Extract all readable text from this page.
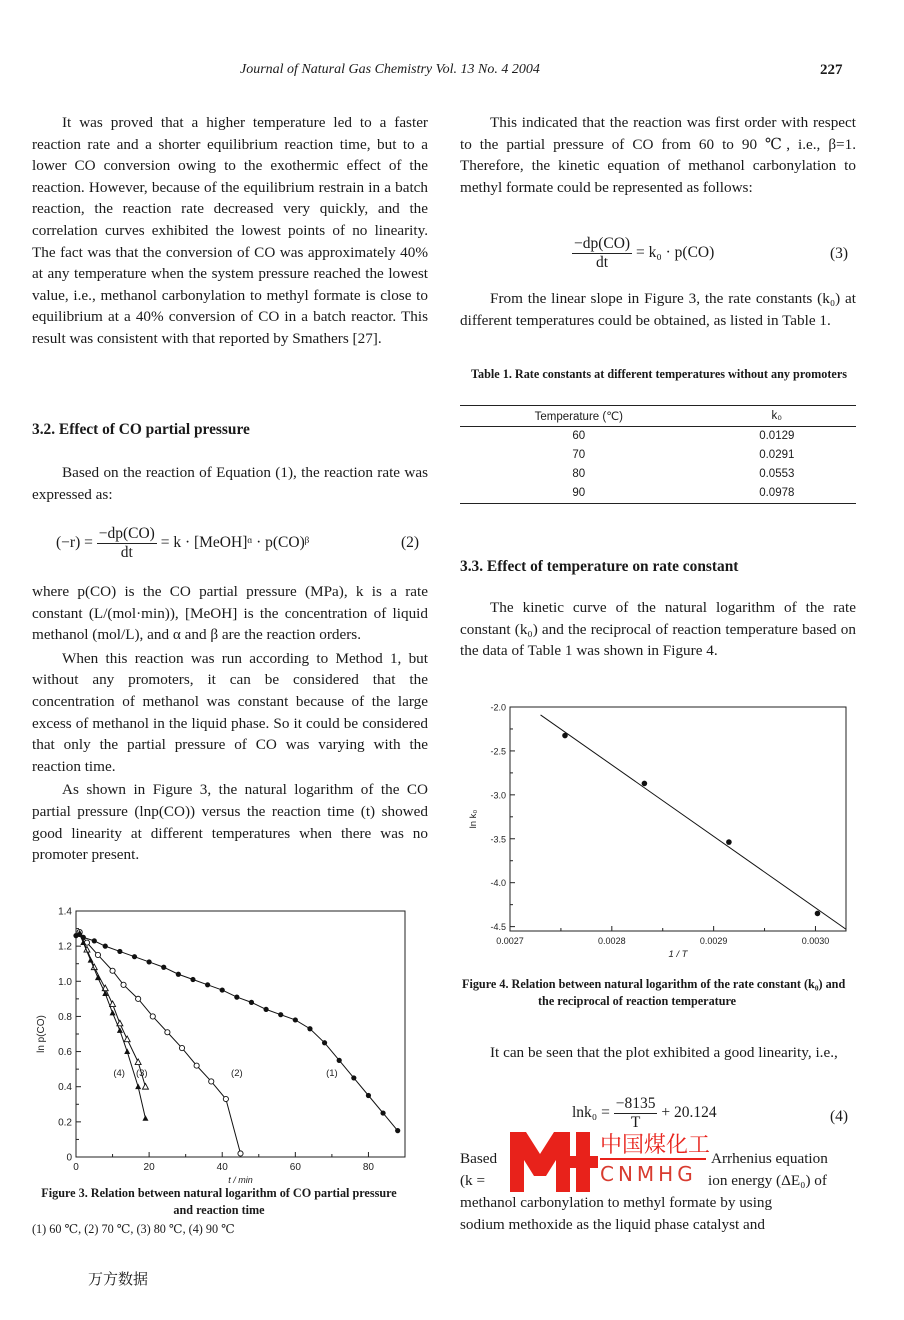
Journal of Natural Gas Chemistry Vol. 13 No. 4 2004	227

It was proved that a higher temperature led to a faster reaction rate and a shorter equilibrium reaction time, but to a lower CO conversion owing to the exothermic effect of the reaction. However, because of the equilibrium restrain in a batch reaction, the reaction rate decreased very quickly, and the correlation curves exhibited the lowest points of no linearity. The fact was that the conversion of CO was approximately 40% at any temperature when the system pressure reached the lowest value, i.e., methanol carbonylation to methyl formate is close to equilibrium at a 40% conversion of CO in a batch reactor. This result was consistent with that reported by Smathers [27].

3.2. Effect of CO partial pressure

Based on the reaction of Equation (1), the reaction rate was expressed as:

$(-r) = \frac{-dp(CO)}{dt} = k$ · [MeOH]ᵅ · p(CO)ᵝ	(2)

where p(CO) is the CO partial pressure (MPa), k is a rate constant (L/(mol·min)), [MeOH] is the concentration of liquid methanol (mol/L), and α and β are the reaction orders.

When this reaction was run according to Method 1, but without any promoters, it can be considered that the concentration of methanol was constant because of the large excess of methanol in the liquid phase. So it could be considered that only the partial pressure of CO was varying with the reaction time.

As shown in Figure 3, the natural logarithm of the CO partial pressure (lnp(CO)) versus the reaction time (t) showed good linearity at different temperatures when there was no promoter present.

0	20	40	60	80
0
0.2
0.4
0.6
0.8
1.0
1.2
1.4
t / min
ln p(CO)
(1)
(2)
(3)
(4)
Figure 3. Relation between natural logarithm of CO partial pressure and reaction time
(1) 60 ℃, (2) 70 ℃, (3) 80 ℃, (4) 90 ℃

This indicated that the reaction was first order with respect to the partial pressure of CO from 60 to 90 ℃, i.e., β=1. Therefore, the kinetic equation of methanol carbonylation to methyl formate could be represented as follows:

$\frac{-dp(CO)}{dt} = k_0 \cdot p(CO)$	(3)

From the linear slope in Figure 3, the rate constants (k₀) at different temperatures could be obtained, as listed in Table 1.

Table 1. Rate constants at different temperatures without any promoters
Temperature (℃)	k₀
60	0.0129
70	0.0291
80	0.0553
90	0.0978
3.3. Effect of temperature on rate constant

The kinetic curve of the natural logarithm of the rate constant (k₀) and the reciprocal of reaction temperature based on the data of Table 1 was shown in Figure 4.

0.0027	0.0028	0.0029	0.0030
-2.0
-2.5
-3.0
-3.5
-4.0
-4.5
1 / T
ln k₀
Figure 4. Relation between natural logarithm of the rate constant (k₀) and the reciprocal of reaction temperature

It can be seen that the plot exhibited a good linearity, i.e.,

$\ln k_0 = \frac{-8135}{T} + 20.124$	(4)
Based	Arrhenius equation
(k =	ion energy (ΔE₀) of
methanol carbonylation to methyl formate by using
sodium methoxide as the liquid phase catalyst and
中国煤化工
CNMHG
万方数据
